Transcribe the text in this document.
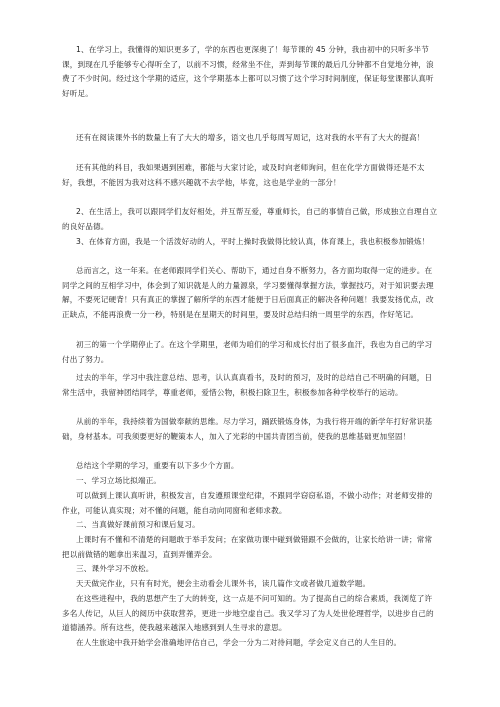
1、在学习上，我懂得的知识更多了，学的东西也更深奥了！每节课的 45 分钟，我由初中的只听多半节课，到现在几乎能够专心得听全了，以前不习惯，经常坐不住，弄到每节课的最后几分钟都不自觉地分神，浪费了不少时间。经过这个学期的适应，这个学期基本上都可以习惯了这个学习时间制度，保证每堂课都认真听好听足。

还有在阅读课外书的数量上有了大大的增多，语文也几乎每周写周记，这对我的水平有了大大的提高！

还有其他的科目，我如果遇到困难，都能与大家讨论，或及时向老师询问，但在化学方面做得还是不太好，我想，不能因为我对这科不感兴趣就不去学他，毕竟，这也是学业的一部分！

2、在生活上，我可以跟同学们友好相处，并互帮互爱，尊重师长，自己的事情自己做，形成独立自理自立的良好品德。

3、在体育方面，我是一个活泼好动的人，平时上操时我做得比较认真，体育课上，我也积极参加锻炼！

总而言之，这一年来。在老师跟同学们关心、帮助下，通过自身不断努力，各方面均取得一定的进步。在同学之间的互相学习中，体会到了知识就是人的力量源泉，学习要懂得掌握方法，掌握技巧，对于知识要去理解，不要死记硬背！只有真正的掌握了解所学的东西才能便于日后面真正的解决各种问题！我要发扬优点，改正缺点，不能再浪费一分一秒，特别是在星期天的时间里，要及时总结归纳一周里学的东西，作好笔记。

初三的第一个学期停止了。在这个学期里，老师为咱们的学习和成长付出了很多血汗，我也为自己的学习付出了努力。

过去的半年，学习中我注意总结、思考，认认真真看书，及时的预习，及时的总结自己不明确的问题，日常生活中，我留神团结同学，尊重老师，爱惜公物，积极扫除卫生，积极参加各种学校举行的运动。

从前的半年，我持续着为国做奉献的思维。尽力学习，踊跃锻炼身体，为我行将开端的新学年打好常识基础，身材基本。可我须要更好的鞭策本人，加入了光彩的中国共青团当前，使我的思维基础更加坚固！

总结这个学期的学习，重要有以下多少个方面。

一、学习立场比拟端正。

可以做到上课认真听讲，积极发言，自发遵照课堂纪律，不跟同学窃窃私语，不做小动作；对老师安排的作业，可能认真实现；对不懂的问题，能自动向同窗和老师求教。

二、当真做好课前预习和课后复习。

上课时有不懂和不清楚的问题敢于举手发问；在家做功课中碰到做错跟不会做的，让家长给讲一讲；常常把以前做错的题拿出来温习，直到弄懂弄会。

三、课外学习不放松。

天天做完作业，只有有时光，便会主动看会儿课外书，读几篇作文或者做几道数学题。

在这些进程中，我的思想产生了大的转变，这一点是不问可知的。为了提高自己的综合素质，我浏览了许多名人传记，从巨人的阅历中获取营养，更进一步地空虚自己。我又学习了为人处世伦理哲学，以进步自己的道德涵养。所有这些，使我越来越深入地感到到人生寻求的意思。

在人生旅途中我开始学会准确地评估自己，学会一分为二对待问题，学会定义自己的人生目的。
